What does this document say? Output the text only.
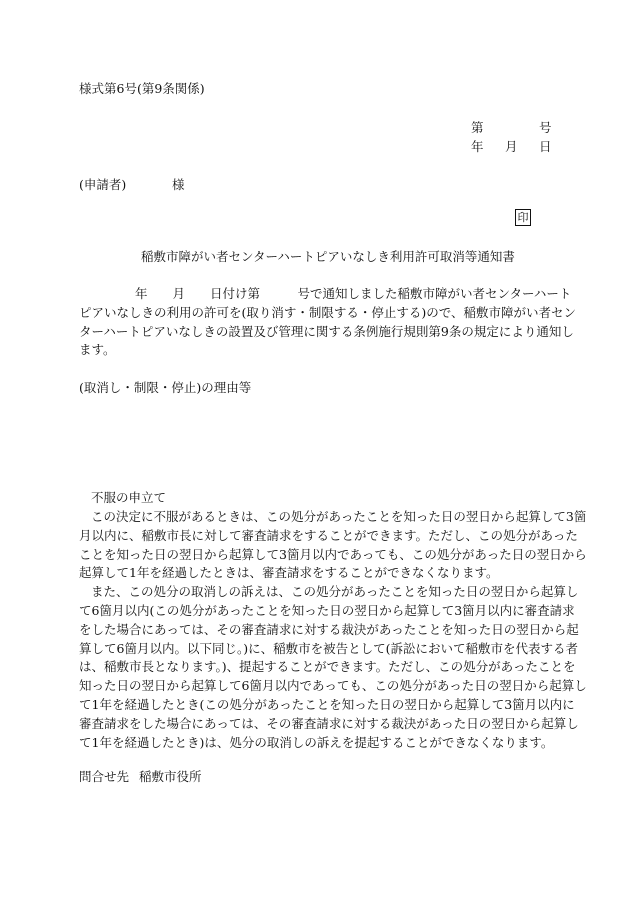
様式第6号(第9条関係)
第	号
年 月 日
(申請者)	様
印
稲敷市障がい者センターハートピアいなしき利用許可取消等通知書
年　　月　　日付け第　　　号で通知しました稲敷市障がい者センターハート
ピアいなしきの利用の許可を(取り消す・制限する・停止する)ので、稲敷市障がい者セン
ターハートピアいなしきの設置及び管理に関する条例施行規則第9条の規定により通知し
ます。
(取消し・制限・停止)の理由等
不服の申立て
この決定に不服があるときは、この処分があったことを知った日の翌日から起算して3箇
月以内に、稲敷市長に対して審査請求をすることができます。ただし、この処分があった
ことを知った日の翌日から起算して3箇月以内であっても、この処分があった日の翌日から
起算して1年を経過したときは、審査請求をすることができなくなります。
また、この処分の取消しの訴えは、この処分があったことを知った日の翌日から起算し
て6箇月以内(この処分があったことを知った日の翌日から起算して3箇月以内に審査請求
をした場合にあっては、その審査請求に対する裁決があったことを知った日の翌日から起
算して6箇月以内。以下同じ。)に、稲敷市を被告として(訴訟において稲敷市を代表する者
は、稲敷市長となります。)、提起することができます。ただし、この処分があったことを
知った日の翌日から起算して6箇月以内であっても、この処分があった日の翌日から起算し
て1年を経過したとき(この処分があったことを知った日の翌日から起算して3箇月以内に
審査請求をした場合にあっては、その審査請求に対する裁決があった日の翌日から起算し
て1年を経過したとき)は、処分の取消しの訴えを提起することができなくなります。
問合せ先 稲敷市役所
